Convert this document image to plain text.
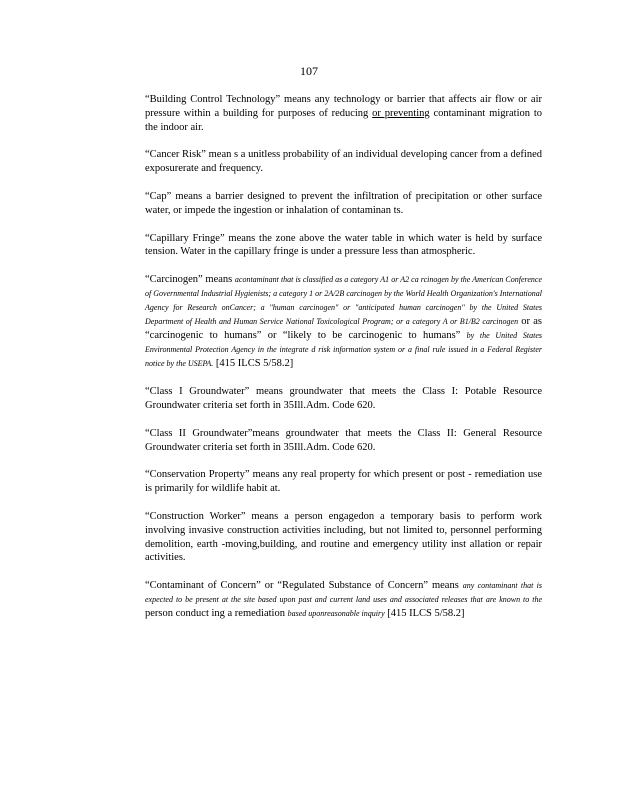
107

“Building Control Technology” means any technology or barrier that affects air flow or air pressure within a building for purposes of reducing or preventing contaminant migration to the indoor air.

“Cancer Risk” mean s a unitless probability of an individual developing cancer from a defined exposurerate and frequency.

“Cap” means a barrier designed to prevent the infiltration of precipitation or other surface water, or impede the ingestion or inhalation of contaminan ts.

“Capillary Fringe” means the zone above the water table in which water is held by surface tension. Water in the capillary fringe is under a pressure less than atmospheric.

“Carcinogen” means acontaminant that is classified as a category A1 or A2 ca rcinogen by the American Conference of Governmental Industrial Hygienists; a category 1 or 2A/2B carcinogen by the World Health Organization's International Agency for Research onCancer; a "human carcinogen" or "anticipated human carcinogen" by the United States Department of Health and Human Service National Toxicological Program; or a category A or B1/B2 carcinogen or as “carcinogenic to humans” or “likely to be carcinogenic to humans” by the United States Environmental Protection Agency in the integrate d risk information system or a final rule issued in a Federal Register notice by the USEPA. [415 ILCS 5/58.2]

“Class I Groundwater” means groundwater that meets the Class I: Potable Resource Groundwater criteria set forth in 35Ill.Adm. Code 620.

“Class II Groundwater”means groundwater that meets the Class II: General Resource Groundwater criteria set forth in 35Ill.Adm. Code 620.

“Conservation Property” means any real property for which present or post - remediation use is primarily for wildlife habit at.

“Construction Worker” means a person engagedon a temporary basis to perform work involving invasive construction activities including, but not limited to, personnel performing demolition, earth -moving,building, and routine and emergency utility inst allation or repair activities.

“Contaminant of Concern” or “Regulated Substance of Concern” means any contaminant that is expected to be present at the site based upon past and current land uses and associated releases that are known to the person conduct ing a remediation based uponreasonable inquiry [415 ILCS 5/58.2]
